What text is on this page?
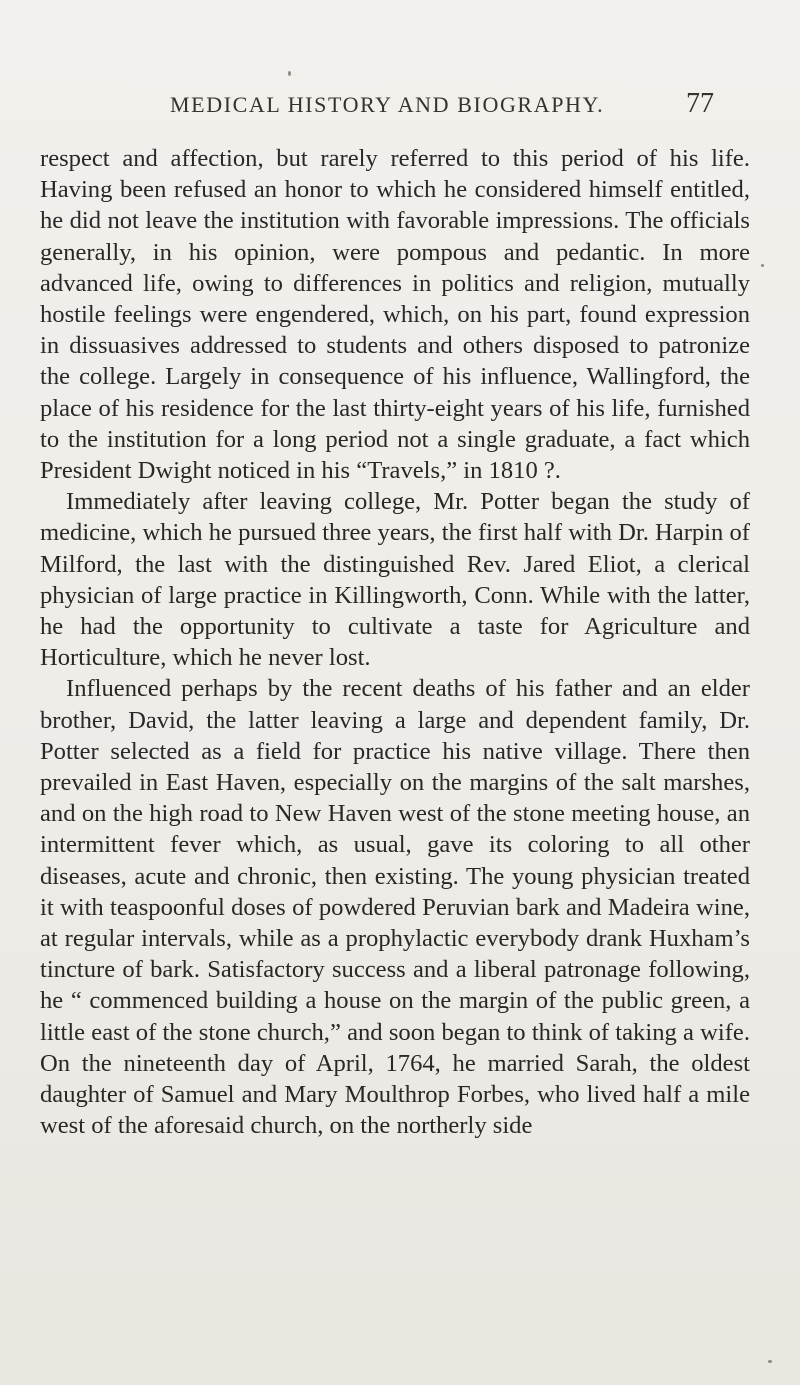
MEDICAL HISTORY AND BIOGRAPHY.	77

respect and affection, but rarely referred to this period of his life. Having been refused an honor to which he considered himself entitled, he did not leave the institution with favorable impressions. The officials generally, in his opinion, were pompous and pedantic. In more advanced life, owing to differences in politics and religion, mutually hostile feelings were engendered, which, on his part, found expression in dissuasives addressed to students and others disposed to patronize the college. Largely in consequence of his influence, Wallingford, the place of his residence for the last thirty-eight years of his life, furnished to the institution for a long period not a single graduate, a fact which President Dwight noticed in his “Travels,” in 1810 ?.

Immediately after leaving college, Mr. Potter began the study of medicine, which he pursued three years, the first half with Dr. Harpin of Milford, the last with the distinguished Rev. Jared Eliot, a clerical physician of large practice in Killingworth, Conn. While with the latter, he had the opportunity to cultivate a taste for Agriculture and Horticulture, which he never lost.

Influenced perhaps by the recent deaths of his father and an elder brother, David, the latter leaving a large and dependent family, Dr. Potter selected as a field for practice his native village. There then prevailed in East Haven, especially on the margins of the salt marshes, and on the high road to New Haven west of the stone meeting house, an intermittent fever which, as usual, gave its coloring to all other diseases, acute and chronic, then existing. The young physician treated it with teaspoonful doses of powdered Peruvian bark and Madeira wine, at regular intervals, while as a prophylactic everybody drank Huxham’s tincture of bark. Satisfactory success and a liberal patronage following, he “ commenced building a house on the margin of the public green, a little east of the stone church,” and soon began to think of taking a wife. On the nineteenth day of April, 1764, he married Sarah, the oldest daughter of Samuel and Mary Moulthrop Forbes, who lived half a mile west of the aforesaid church, on the northerly side
